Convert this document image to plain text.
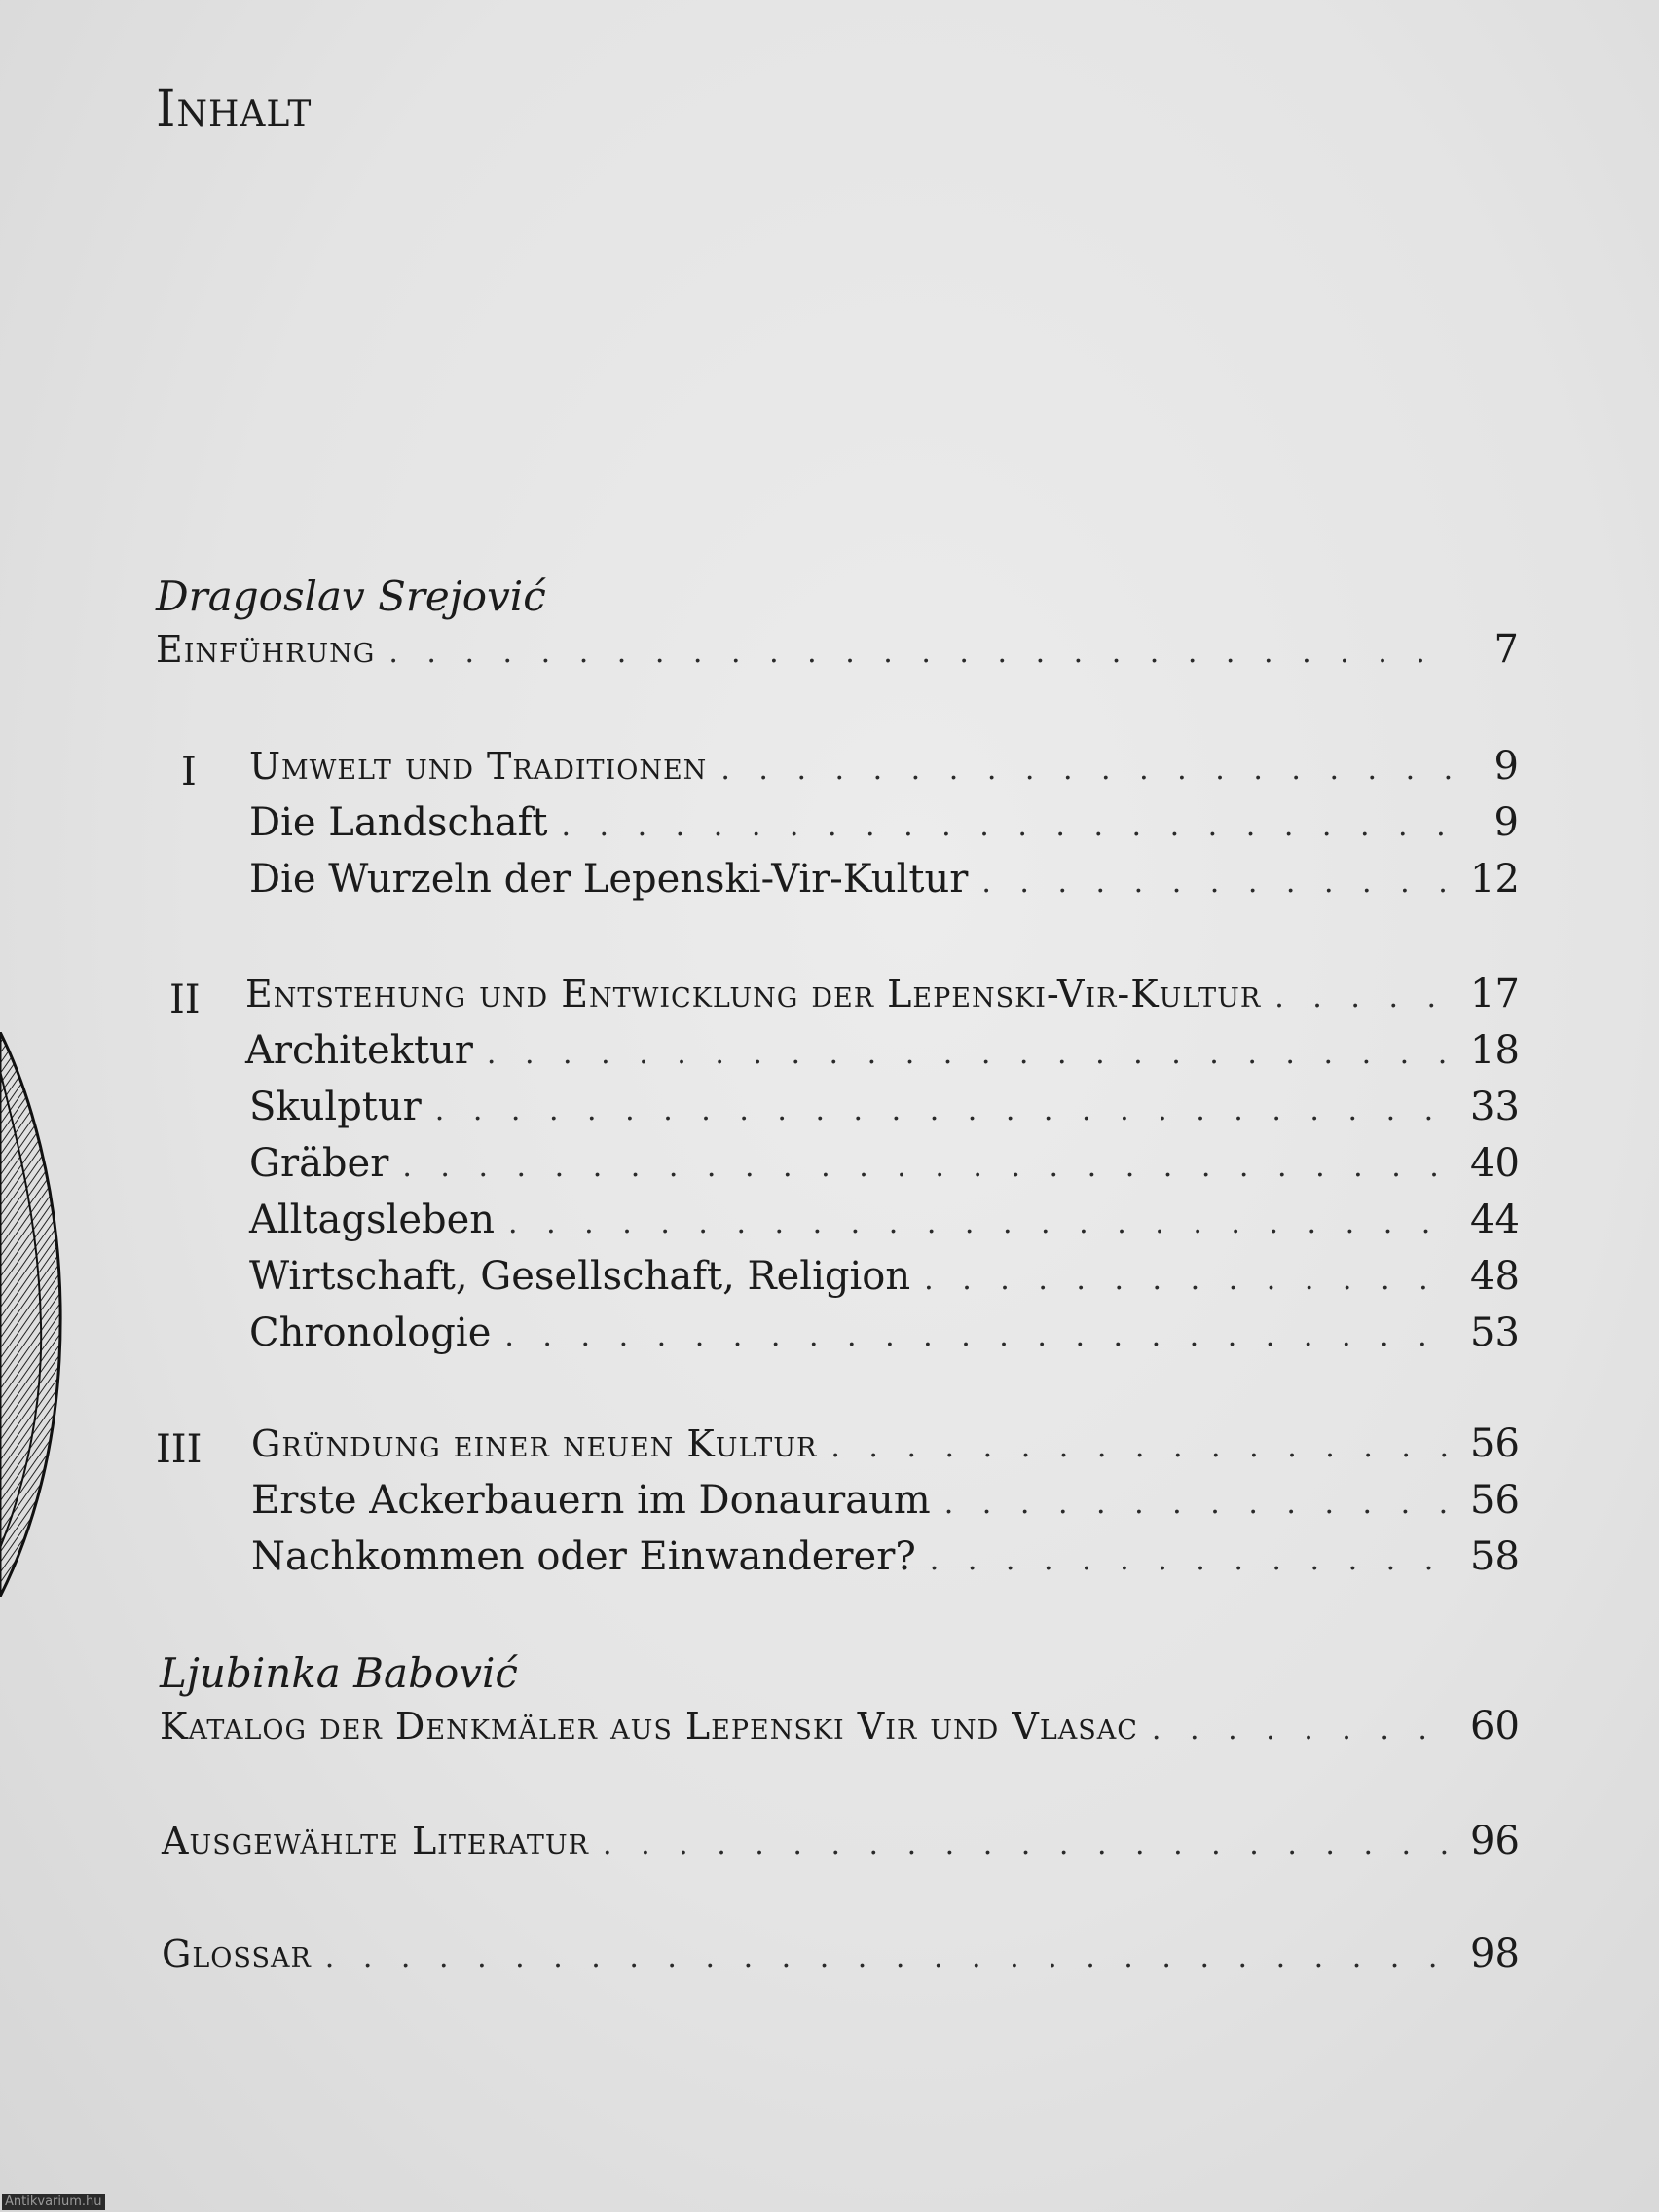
Inhalt
Dragoslav Srejović
Einführung . . .	7
I Umwelt und Traditionen . . .	9
Die Landschaft . . .	9
Die Wurzeln der Lepenski-Vir-Kultur . . .	12
II Entstehung und Entwicklung der Lepenski-Vir-Kultur . . .	17
Architektur . . .	18
Skulptur . . .	33
Gräber . . .	40
Alltagsleben . . .	44
Wirtschaft, Gesellschaft, Religion . . .	48
Chronologie . . .	53
III Gründung einer neuen Kultur . . .	56
Erste Ackerbauern im Donauraum . . .	56
Nachkommen oder Einwanderer? . . .	58
Ljubinka Babović
Katalog der Denkmäler aus Lepenski Vir und Vlasac . . .	60
Ausgewählte Literatur . . .	96
Glossar . . .	98
Antikvarium.hu
